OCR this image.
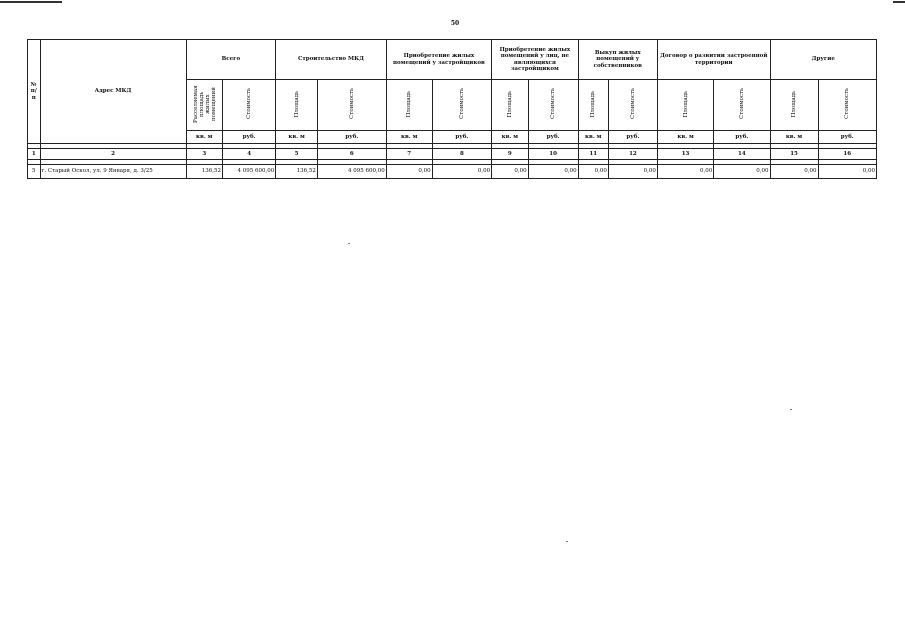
50
№ п/п	Адрес МКД	Всего		Строительство МКД		Приобретение жилых помещений у застройщиков		Приобретение жилых помещений у лиц, не являющихся застройщиком		Выкуп жилых помещений у собственников		Договор о развитии застроенной территории		Другие	
		Расселяемая площадь жилых помещений	Стоимость	Площадь	Стоимость	Площадь	Стоимость	Площадь	Стоимость	Площадь	Стоимость	Площадь	Стоимость	Площадь	Стоимость
		кв. м	руб.	кв. м	руб.	кв. м	руб.	кв. м	руб.	кв. м	руб.	кв. м	руб.	кв. м	руб.

1	2	3	4	5	6	7	8	9	10	11	12	13	14	15	16

5	г. Старый Оскол, ул. 9 Января, д. 3/25	136,52	4 095 600,00	136,52	4 095 600,00	0,00	0,00	0,00	0,00	0,00	0,00	0,00	0,00	0,00	0,00
